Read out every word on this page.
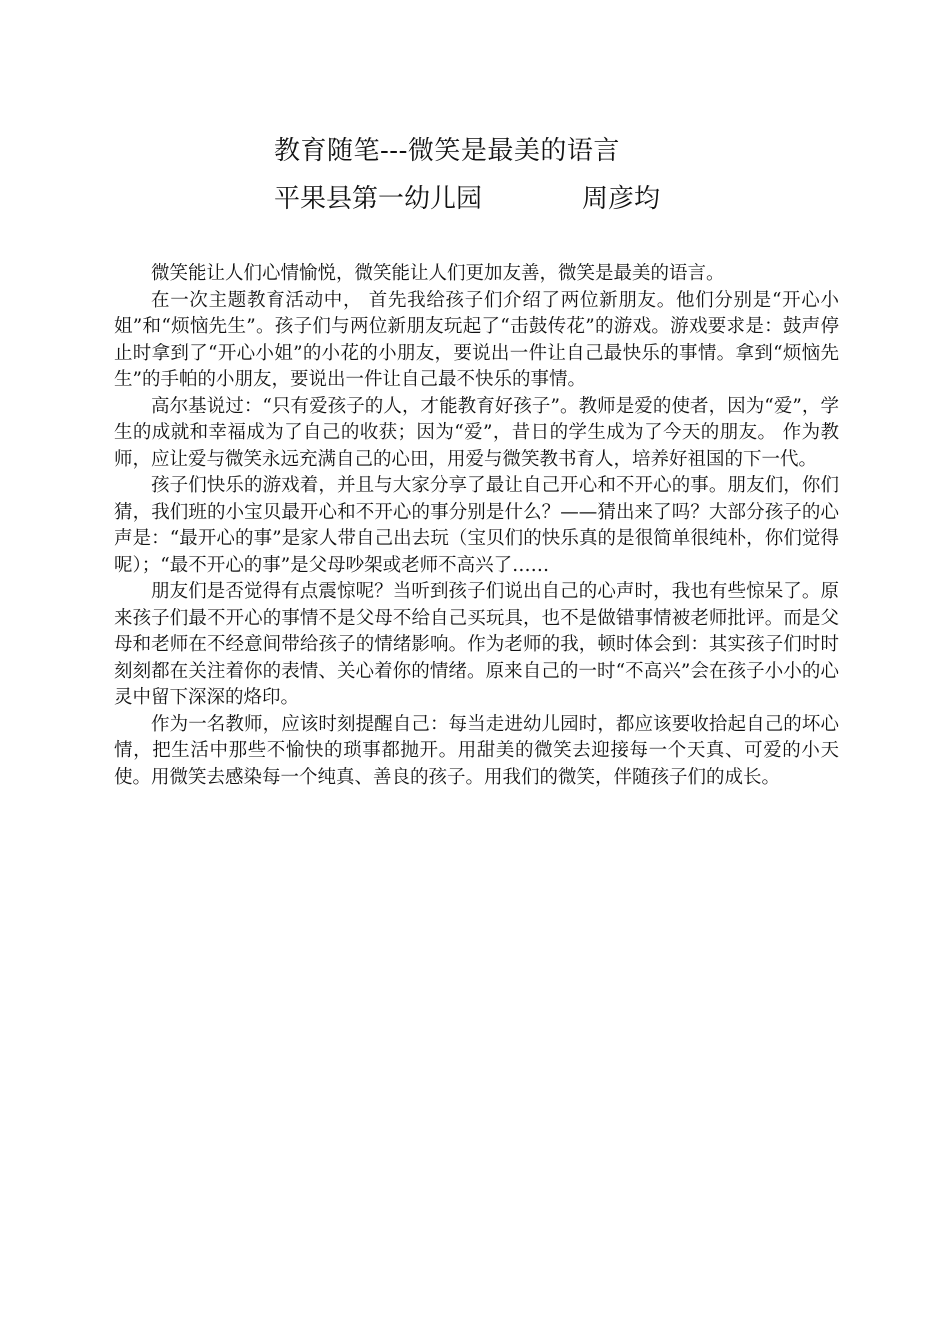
教育随笔---微笑是最美的语言
平果县第一幼儿园	周彦均

微笑能让人们心情愉悦，微笑能让人们更加友善，微笑是最美的语言。

在一次主题教育活动中， 首先我给孩子们介绍了两位新朋友。他们分别是“开心小姐”和“烦恼先生”。孩子们与两位新朋友玩起了“击鼓传花”的游戏。游戏要求是：鼓声停止时拿到了“开心小姐”的小花的小朋友，要说出一件让自己最快乐的事情。拿到“烦恼先生”的手帕的小朋友，要说出一件让自己最不快乐的事情。

高尔基说过：“只有爱孩子的人，才能教育好孩子”。教师是爱的使者，因为“爱”，学生的成就和幸福成为了自己的收获；因为“爱”，昔日的学生成为了今天的朋友。 作为教师，应让爱与微笑永远充满自己的心田，用爱与微笑教书育人，培养好祖国的下一代。

孩子们快乐的游戏着，并且与大家分享了最让自己开心和不开心的事。朋友们，你们猜，我们班的小宝贝最开心和不开心的事分别是什么？——猜出来了吗？大部分孩子的心声是：“最开心的事”是家人带自己出去玩（宝贝们的快乐真的是很简单很纯朴，你们觉得呢）；“最不开心的事”是父母吵架或老师不高兴了……

朋友们是否觉得有点震惊呢？当听到孩子们说出自己的心声时，我也有些惊呆了。原来孩子们最不开心的事情不是父母不给自己买玩具，也不是做错事情被老师批评。而是父母和老师在不经意间带给孩子的情绪影响。作为老师的我，顿时体会到：其实孩子们时时刻刻都在关注着你的表情、关心着你的情绪。原来自己的一时“不高兴”会在孩子小小的心灵中留下深深的烙印。

作为一名教师，应该时刻提醒自己：每当走进幼儿园时，都应该要收拾起自己的坏心情，把生活中那些不愉快的琐事都抛开。用甜美的微笑去迎接每一个天真、可爱的小天使。用微笑去感染每一个纯真、善良的孩子。用我们的微笑，伴随孩子们的成长。
